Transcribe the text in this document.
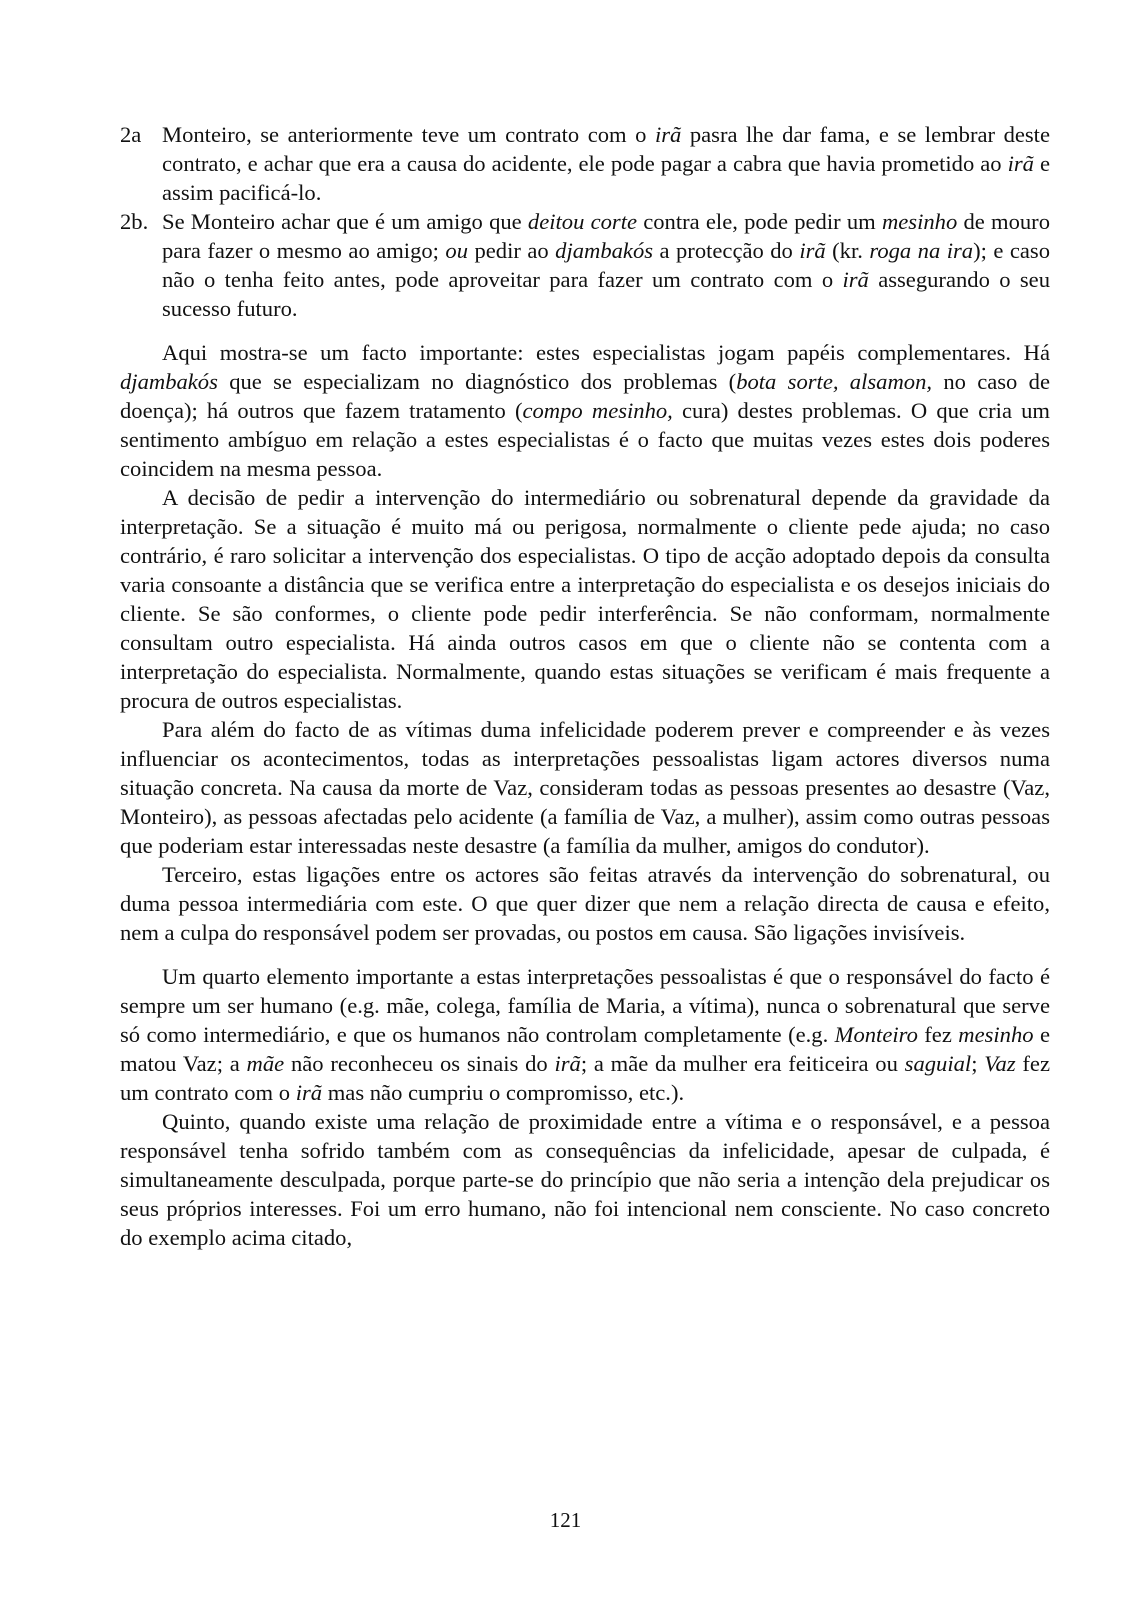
2a Monteiro, se anteriormente teve um contrato com o irã pasra lhe dar fama, e se lembrar deste contrato, e achar que era a causa do acidente, ele pode pagar a cabra que havia prometido ao irã e assim pacificá-lo.
2b. Se Monteiro achar que é um amigo que deitou corte contra ele, pode pedir um mesinho de mouro para fazer o mesmo ao amigo; ou pedir ao djambakós a protecção do irã (kr. roga na ira); e caso não o tenha feito antes, pode aproveitar para fazer um contrato com o irã assegurando o seu sucesso futuro.

Aqui mostra-se um facto importante: estes especialistas jogam papéis complementares. Há djambakós que se especializam no diagnóstico dos problemas (bota sorte, alsamon, no caso de doença); há outros que fazem tratamento (compo mesinho, cura) destes problemas. O que cria um sentimento ambíguo em relação a estes especialistas é o facto que muitas vezes estes dois poderes coincidem na mesma pessoa.

A decisão de pedir a intervenção do intermediário ou sobrenatural depende da gravidade da interpretação. Se a situação é muito má ou perigosa, normalmente o cliente pede ajuda; no caso contrário, é raro solicitar a intervenção dos especialistas. O tipo de acção adoptado depois da consulta varia consoante a distância que se verifica entre a interpretação do especialista e os desejos iniciais do cliente. Se são conformes, o cliente pode pedir interferência. Se não conformam, normalmente consultam outro especialista. Há ainda outros casos em que o cliente não se contenta com a interpretação do especialista. Normalmente, quando estas situações se verificam é mais frequente a procura de outros especialistas.

Para além do facto de as vítimas duma infelicidade poderem prever e compreender e às vezes influenciar os acontecimentos, todas as interpretações pessoalistas ligam actores diversos numa situação concreta. Na causa da morte de Vaz, consideram todas as pessoas presentes ao desastre (Vaz, Monteiro), as pessoas afectadas pelo acidente (a família de Vaz, a mulher), assim como outras pessoas que poderiam estar interessadas neste desastre (a família da mulher, amigos do condutor).

Terceiro, estas ligações entre os actores são feitas através da intervenção do sobrenatural, ou duma pessoa intermediária com este. O que quer dizer que nem a relação directa de causa e efeito, nem a culpa do responsável podem ser provadas, ou postos em causa. São ligações invisíveis.

Um quarto elemento importante a estas interpretações pessoalistas é que o responsável do facto é sempre um ser humano (e.g. mãe, colega, família de Maria, a vítima), nunca o sobrenatural que serve só como intermediário, e que os humanos não controlam completamente (e.g. Monteiro fez mesinho e matou Vaz; a mãe não reconheceu os sinais do irã; a mãe da mulher era feiticeira ou saguial; Vaz fez um contrato com o irã mas não cumpriu o compromisso, etc.).

Quinto, quando existe uma relação de proximidade entre a vítima e o responsável, e a pessoa responsável tenha sofrido também com as consequências da infelicidade, apesar de culpada, é simultaneamente desculpada, porque parte-se do princípio que não seria a intenção dela prejudicar os seus próprios interesses. Foi um erro humano, não foi intencional nem consciente. No caso concreto do exemplo acima citado,

121
